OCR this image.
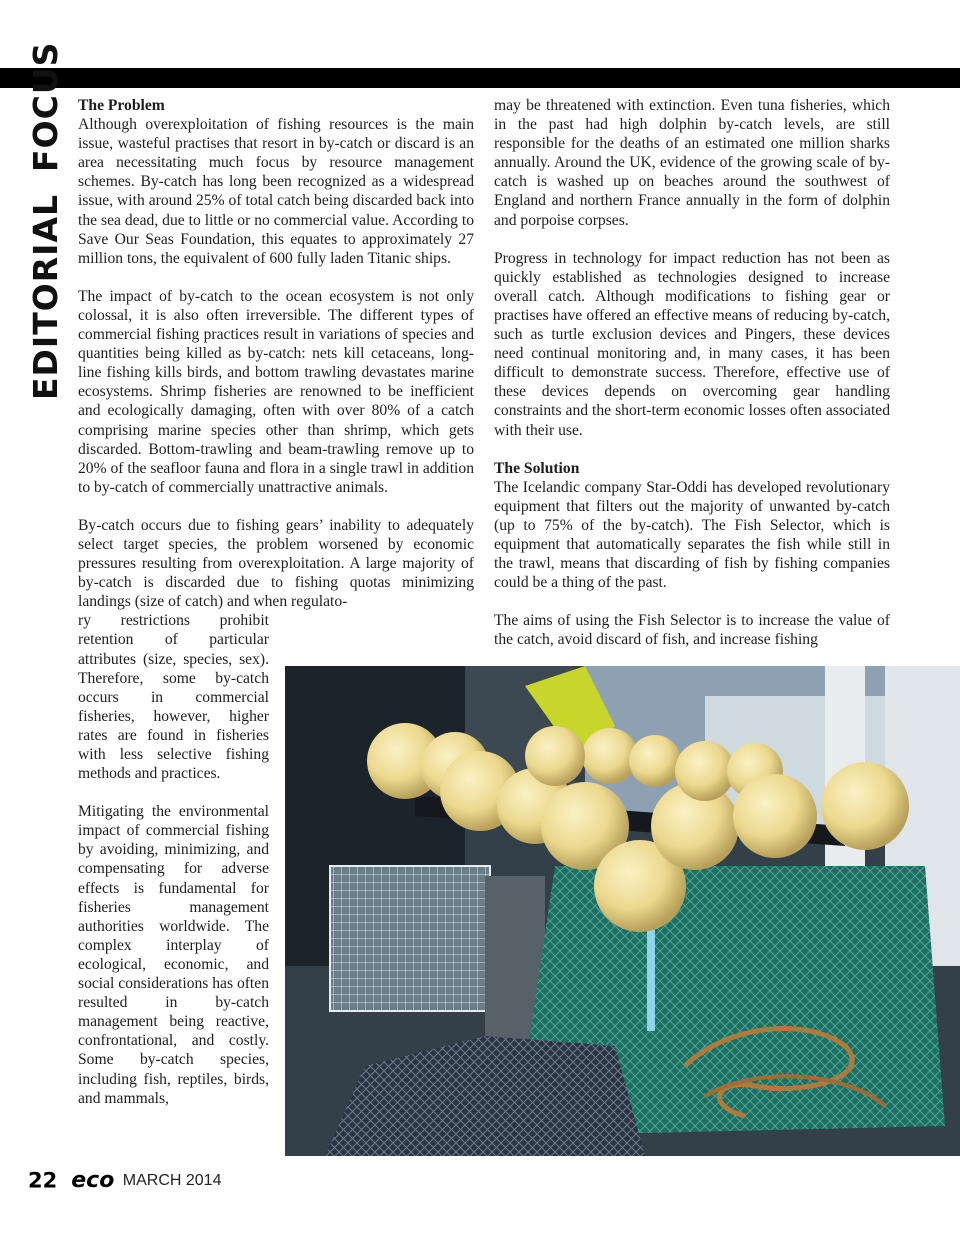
EDITORIALFOCUS The Problem

Although overexploitation of fishing resources is the main issue, wasteful practises that resort in by-catch or discard is an area necessitating much focus by resource management schemes. By-catch has long been recognized as a widespread issue, with around 25% of total catch being discarded back into the sea dead, due to little or no commercial value. According to Save Our Seas Foundation, this equates to approximately 27 million tons, the equivalent of 600 fully laden Titanic ships.

The impact of by-catch to the ocean ecosystem is not only colossal, it is also often irreversible. The different types of commercial fishing practices result in variations of species and quantities being killed as by-catch: nets kill cetaceans, long-line fishing kills birds, and bottom trawling devastates marine ecosystems. Shrimp fisheries are renowned to be inefficient and ecologically damaging, often with over 80% of a catch comprising marine species other than shrimp, which gets discarded. Bottom-trawling and beam-trawling remove up to 20% of the seafloor fauna and flora in a single trawl in addition to by-catch of commercially unattractive animals.

By-catch occurs due to fishing gears’ inability to adequately select target species, the problem worsened by economic pressures resulting from overexploitation. A large majority of by-catch is discarded due to fishing quotas minimizing landings (size of catch) and when regulato-

ry restrictions prohibit retention of particular attributes (size, species, sex). Therefore, some by-catch occurs in commercial fisheries, however, higher rates are found in fisheries with less selective fishing methods and practices.

Mitigating the environmental impact of commercial fishing by avoiding, minimizing, and compensating for adverse effects is fundamental for fisheries management authorities worldwide. The complex interplay of ecological, economic, and social considerations has often resulted in by-catch management being reactive, confrontational, and costly. Some by-catch species, including fish, reptiles, birds, and mammals,

may be threatened with extinction. Even tuna fisheries, which in the past had high dolphin by-catch levels, are still responsible for the deaths of an estimated one million sharks annually. Around the UK, evidence of the growing scale of by-catch is washed up on beaches around the southwest of England and northern France annually in the form of dolphin and porpoise corpses.

Progress in technology for impact reduction has not been as quickly established as technologies designed to increase overall catch. Although modifications to fishing gear or practises have offered an effective means of reducing by-catch, such as turtle exclusion devices and Pingers, these devices need continual monitoring and, in many cases, it has been difficult to demonstrate success. Therefore, effective use of these devices depends on overcoming gear handling constraints and the short-term economic losses often associated with their use.

The Solution

The Icelandic company Star-Oddi has developed revolutionary equipment that filters out the majority of unwanted by-catch (up to 75% of the by-catch). The Fish Selector, which is equipment that automatically separates the fish while still in the trawl, means that discarding of fish by fishing companies could be a thing of the past.

The aims of using the Fish Selector is to increase the value of the catch, avoid discard of fish, and increase fishing

22 eco MARCH 2014
